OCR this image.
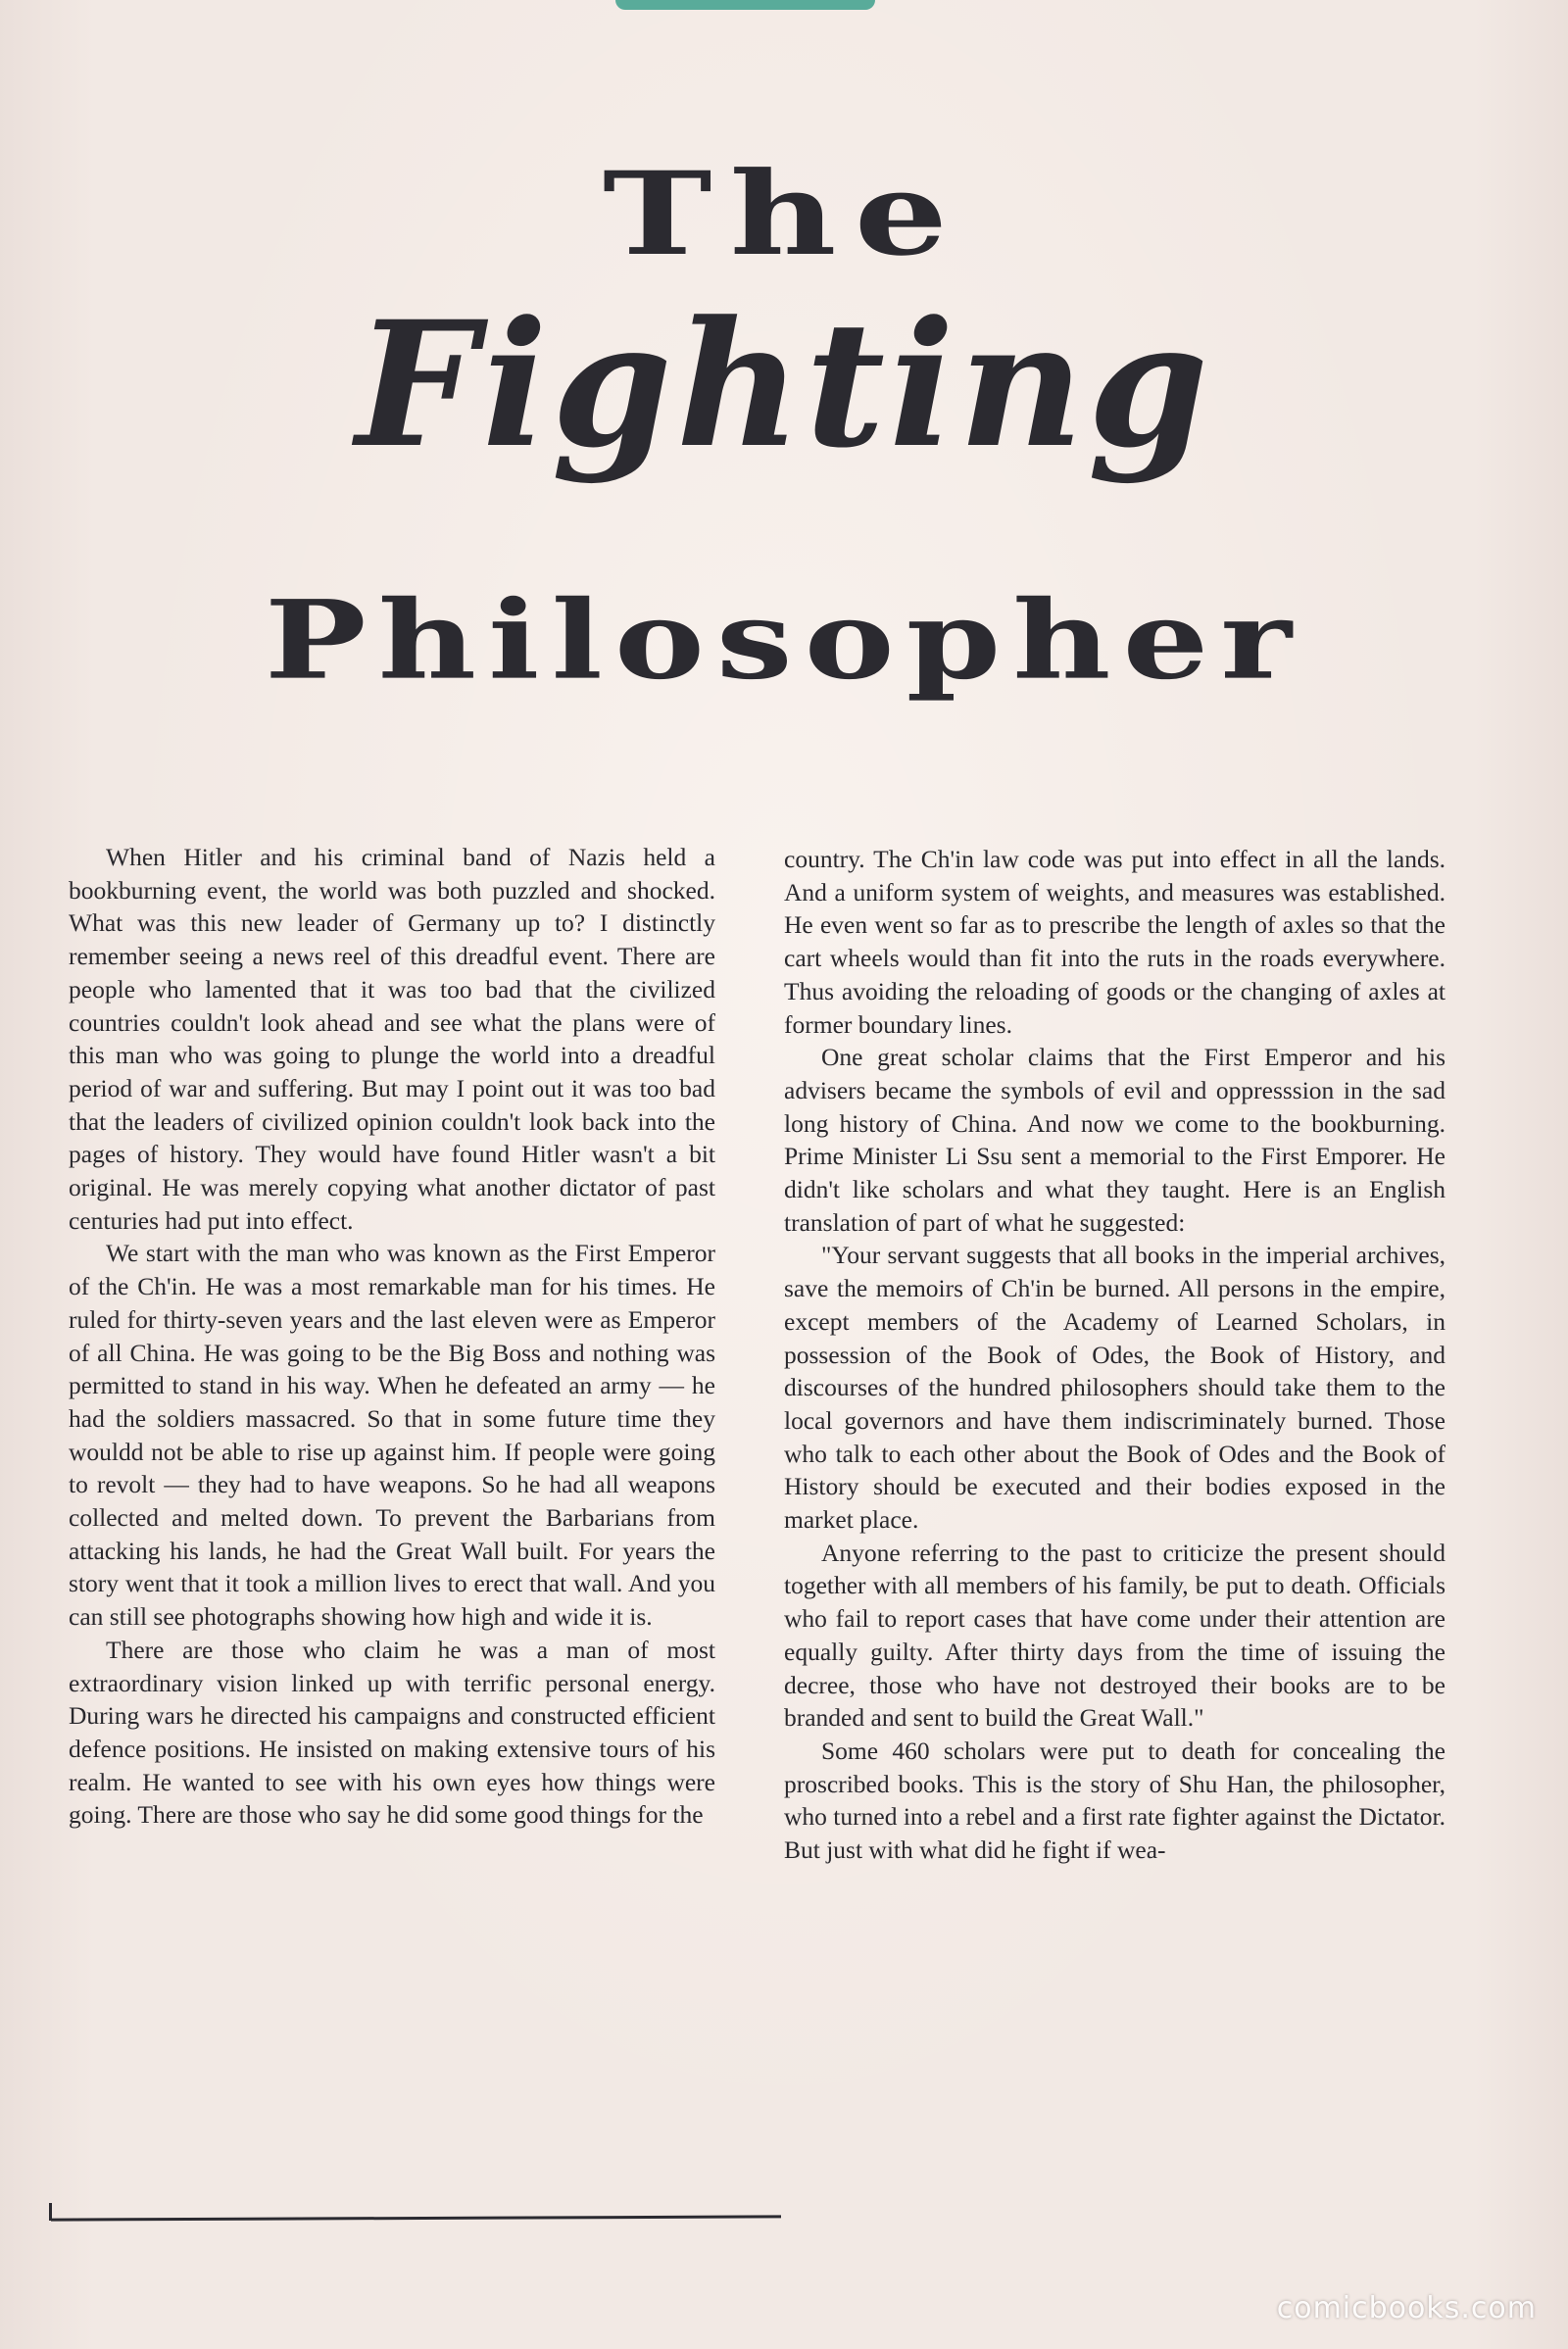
The
Fighting
Philosopher

When Hitler and his criminal band of Nazis held a bookburning event, the world was both puzzled and shocked. What was this new leader of Germany up to? I distinctly remember seeing a news reel of this dreadful event. There are people who lamented that it was too bad that the civilized countries couldn't look ahead and see what the plans were of this man who was going to plunge the world into a dreadful period of war and suffering. But may I point out it was too bad that the leaders of civilized opinion couldn't look back into the pages of history. They would have found Hitler wasn't a bit original. He was merely copying what another dictator of past centuries had put into effect.

We start with the man who was known as the First Emperor of the Ch'in. He was a most remarkable man for his times. He ruled for thirty-seven years and the last eleven were as Emperor of all China. He was going to be the Big Boss and nothing was permitted to stand in his way. When he defeated an army — he had the soldiers massacred. So that in some future time they wouldd not be able to rise up against him. If people were going to revolt — they had to have weapons. So he had all weapons collected and melted down. To prevent the Barbarians from attacking his lands, he had the Great Wall built. For years the story went that it took a million lives to erect that wall. And you can still see photographs showing how high and wide it is.

There are those who claim he was a man of most extraordinary vision linked up with terrific personal energy. During wars he directed his campaigns and constructed efficient defence positions. He insisted on making extensive tours of his realm. He wanted to see with his own eyes how things were going. There are those who say he did some good things for the

country. The Ch'in law code was put into effect in all the lands. And a uniform system of weights, and measures was established. He even went so far as to prescribe the length of axles so that the cart wheels would than fit into the ruts in the roads everywhere. Thus avoiding the reloading of goods or the changing of axles at former boundary lines.

One great scholar claims that the First Emperor and his advisers became the symbols of evil and oppresssion in the sad long history of China. And now we come to the bookburning. Prime Minister Li Ssu sent a memorial to the First Emporer. He didn't like scholars and what they taught. Here is an English translation of part of what he suggested:

"Your servant suggests that all books in the imperial archives, save the memoirs of Ch'in be burned. All persons in the empire, except members of the Academy of Learned Scholars, in possession of the Book of Odes, the Book of History, and discourses of the hundred philosophers should take them to the local governors and have them indiscriminately burned. Those who talk to each other about the Book of Odes and the Book of History should be executed and their bodies exposed in the market place.

Anyone referring to the past to criticize the present should together with all members of his family, be put to death. Officials who fail to report cases that have come under their attention are equally guilty. After thirty days from the time of issuing the decree, those who have not destroyed their books are to be branded and sent to build the Great Wall."

Some 460 scholars were put to death for concealing the proscribed books. This is the story of Shu Han, the philosopher, who turned into a rebel and a first rate fighter against the Dictator. But just with what did he fight if wea-

comicbooks.com
